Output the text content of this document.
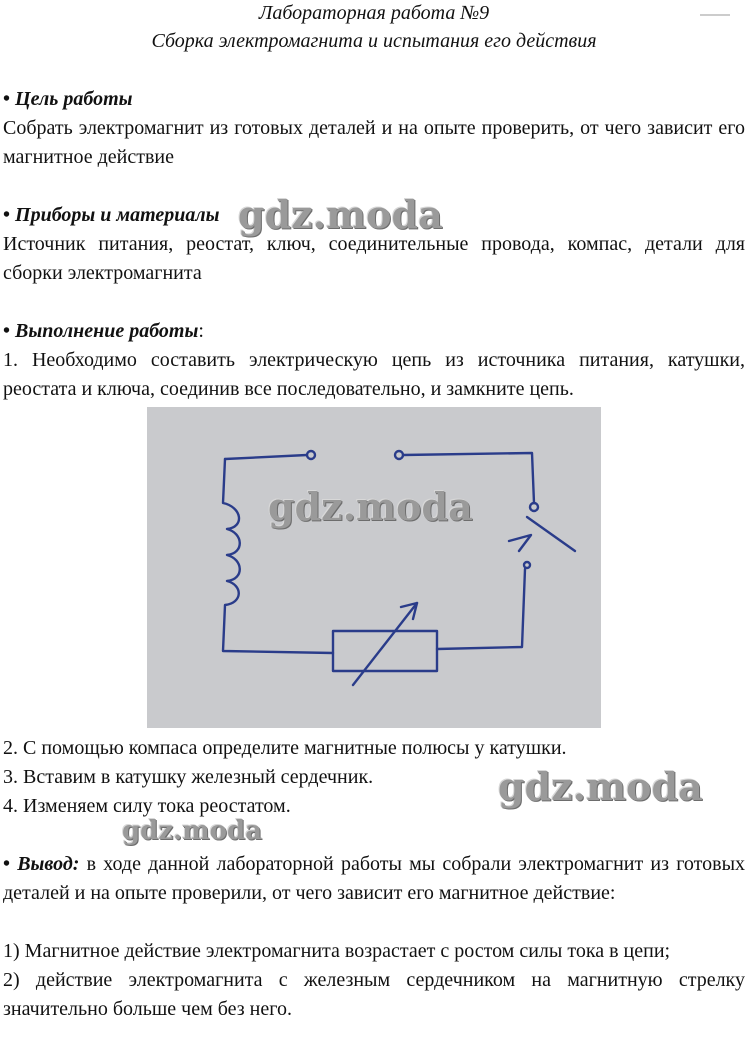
Лабораторная работа №9
Сборка электромагнита и испытания его действия
• Цель работы
Собрать электромагнит из готовых деталей и на опыте проверить, от чего зависит его магнитное действие
• Приборы и материалы
Источник питания, реостат, ключ, соединительные провода, компас, детали для сборки электромагнита
• Выполнение работы:
1. Необходимо составить электрическую цепь из источника питания, катушки, реостата и ключа, соединив все последовательно, и замкните цепь.
2. С помощью компаса определите магнитные полюсы у катушки.
3. Вставим в катушку железный сердечник.
4. Изменяем силу тока реостатом.
• Вывод: в ходе данной лабораторной работы мы собрали электромагнит из готовых деталей и на опыте проверили, от чего зависит его магнитное действие:
1) Магнитное действие электромагнита возрастает с ростом силы тока в цепи;
2) действие электромагнита с железным сердечником на магнитную стрелку значительно больше чем без него.
gdz.moda
gdz.moda
gdz.moda
gdz.moda
